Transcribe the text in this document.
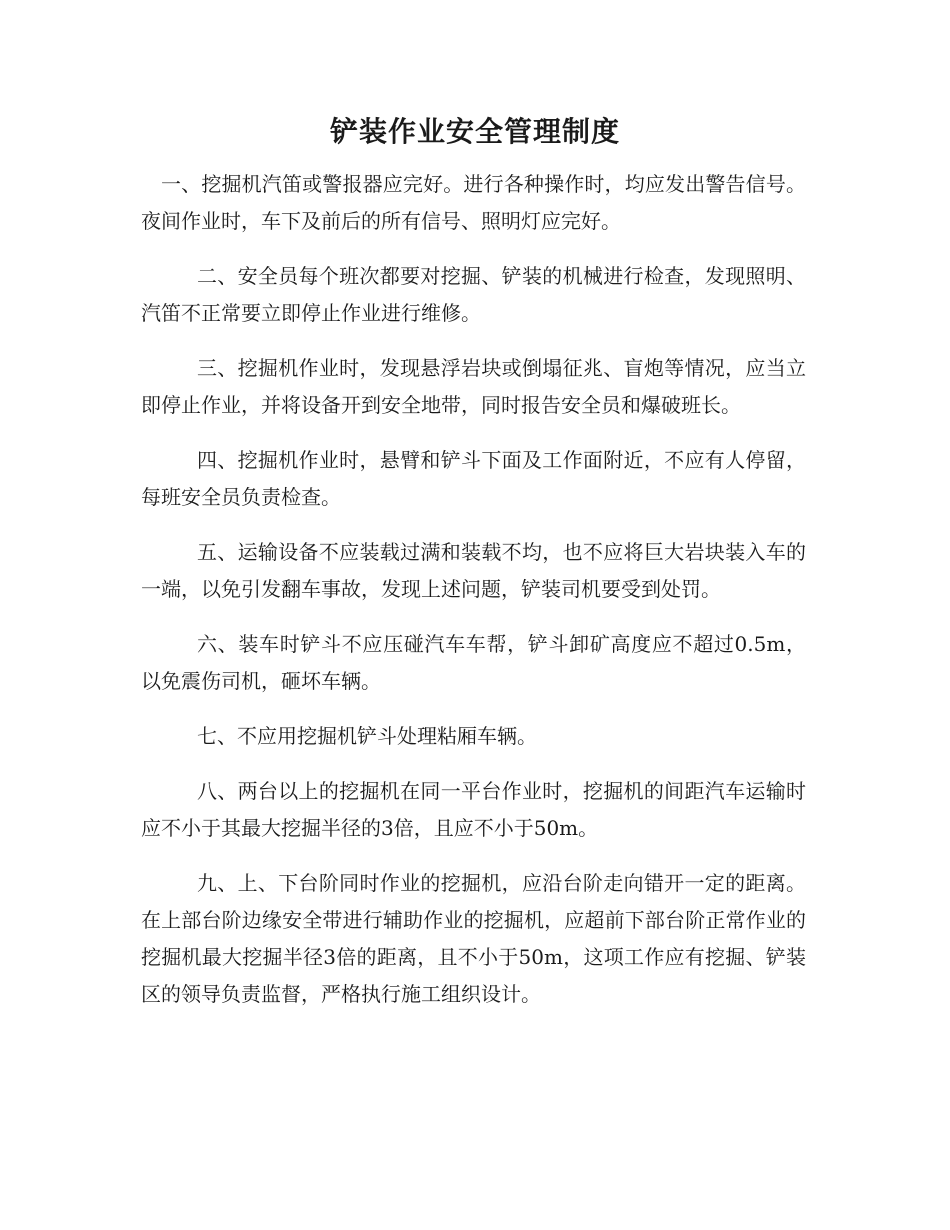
铲装作业安全管理制度

一、挖掘机汽笛或警报器应完好。进行各种操作时，均应发出警告信号。夜间作业时，车下及前后的所有信号、照明灯应完好。

二、安全员每个班次都要对挖掘、铲装的机械进行检查，发现照明、汽笛不正常要立即停止作业进行维修。

三、挖掘机作业时，发现悬浮岩块或倒塌征兆、盲炮等情况，应当立即停止作业，并将设备开到安全地带，同时报告安全员和爆破班长。

四、挖掘机作业时，悬臂和铲斗下面及工作面附近，不应有人停留，每班安全员负责检查。

五、运输设备不应装载过满和装载不均，也不应将巨大岩块装入车的一端，以免引发翻车事故，发现上述问题，铲装司机要受到处罚。

六、装车时铲斗不应压碰汽车车帮，铲斗卸矿高度应不超过0.5m，以免震伤司机，砸坏车辆。

七、不应用挖掘机铲斗处理粘厢车辆。

八、两台以上的挖掘机在同一平台作业时，挖掘机的间距汽车运输时应不小于其最大挖掘半径的3倍，且应不小于50m。

九、上、下台阶同时作业的挖掘机，应沿台阶走向错开一定的距离。在上部台阶边缘安全带进行辅助作业的挖掘机，应超前下部台阶正常作业的挖掘机最大挖掘半径3倍的距离，且不小于50m，这项工作应有挖掘、铲装区的领导负责监督，严格执行施工组织设计。
